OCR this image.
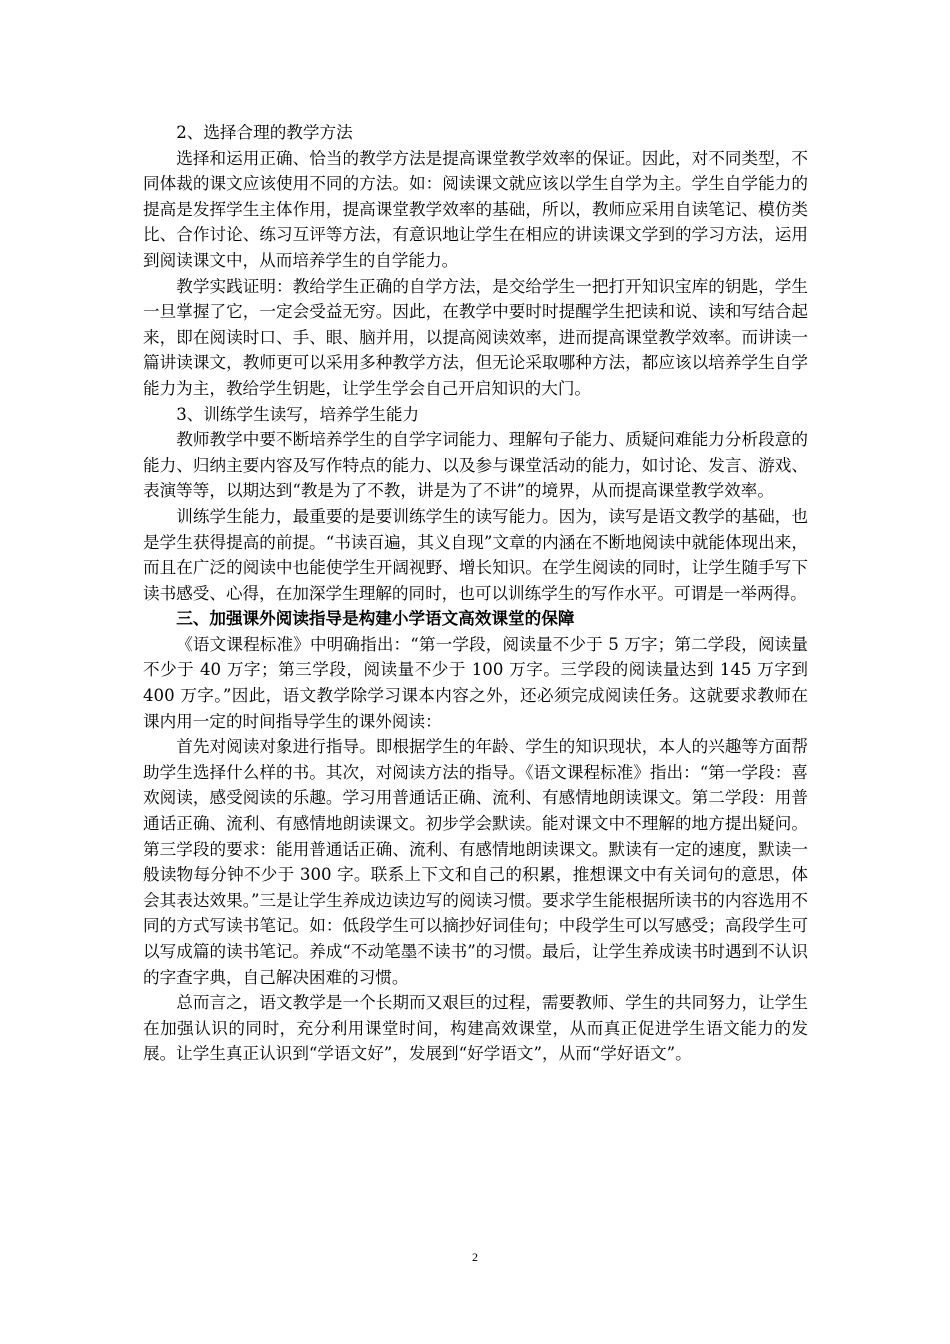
2、选择合理的教学方法

选择和运用正确、恰当的教学方法是提高课堂教学效率的保证。因此，对不同类型，不同体裁的课文应该使用不同的方法。如：阅读课文就应该以学生自学为主。学生自学能力的提高是发挥学生主体作用，提高课堂教学效率的基础，所以，教师应采用自读笔记、模仿类比、合作讨论、练习互评等方法，有意识地让学生在相应的讲读课文学到的学习方法，运用到阅读课文中，从而培养学生的自学能力。

教学实践证明：教给学生正确的自学方法，是交给学生一把打开知识宝库的钥匙，学生一旦掌握了它，一定会受益无穷。因此，在教学中要时时提醒学生把读和说、读和写结合起来，即在阅读时口、手、眼、脑并用，以提高阅读效率，进而提高课堂教学效率。而讲读一篇讲读课文，教师更可以采用多种教学方法，但无论采取哪种方法，都应该以培养学生自学能力为主，教给学生钥匙，让学生学会自己开启知识的大门。

3、训练学生读写，培养学生能力

教师教学中要不断培养学生的自学字词能力、理解句子能力、质疑问难能力分析段意的能力、归纳主要内容及写作特点的能力、以及参与课堂活动的能力，如讨论、发言、游戏、表演等等，以期达到“教是为了不教，讲是为了不讲”的境界，从而提高课堂教学效率。

训练学生能力，最重要的是要训练学生的读写能力。因为，读写是语文教学的基础，也是学生获得提高的前提。“书读百遍，其义自现”文章的内涵在不断地阅读中就能体现出来，而且在广泛的阅读中也能使学生开阔视野、增长知识。在学生阅读的同时，让学生随手写下读书感受、心得，在加深学生理解的同时，也可以训练学生的写作水平。可谓是一举两得。

三、加强课外阅读指导是构建小学语文高效课堂的保障

《语文课程标准》中明确指出：“第一学段，阅读量不少于 5 万字；第二学段，阅读量不少于 40 万字；第三学段，阅读量不少于 100 万字。三学段的阅读量达到 145 万字到 400 万字。”因此，语文教学除学习课本内容之外，还必须完成阅读任务。这就要求教师在课内用一定的时间指导学生的课外阅读：

首先对阅读对象进行指导。即根据学生的年龄、学生的知识现状，本人的兴趣等方面帮助学生选择什么样的书。其次，对阅读方法的指导。《语文课程标准》指出：“第一学段：喜欢阅读，感受阅读的乐趣。学习用普通话正确、流利、有感情地朗读课文。第二学段：用普通话正确、流利、有感情地朗读课文。初步学会默读。能对课文中不理解的地方提出疑问。第三学段的要求：能用普通话正确、流利、有感情地朗读课文。默读有一定的速度，默读一般读物每分钟不少于 300 字。联系上下文和自己的积累，推想课文中有关词句的意思，体会其表达效果。”三是让学生养成边读边写的阅读习惯。要求学生能根据所读书的内容选用不同的方式写读书笔记。如：低段学生可以摘抄好词佳句；中段学生可以写感受；高段学生可以写成篇的读书笔记。养成“不动笔墨不读书”的习惯。最后，让学生养成读书时遇到不认识的字查字典，自己解决困难的习惯。

总而言之，语文教学是一个长期而又艰巨的过程，需要教师、学生的共同努力，让学生在加强认识的同时，充分利用课堂时间，构建高效课堂，从而真正促进学生语文能力的发展。让学生真正认识到“学语文好”，发展到“好学语文”，从而“学好语文”。

2
